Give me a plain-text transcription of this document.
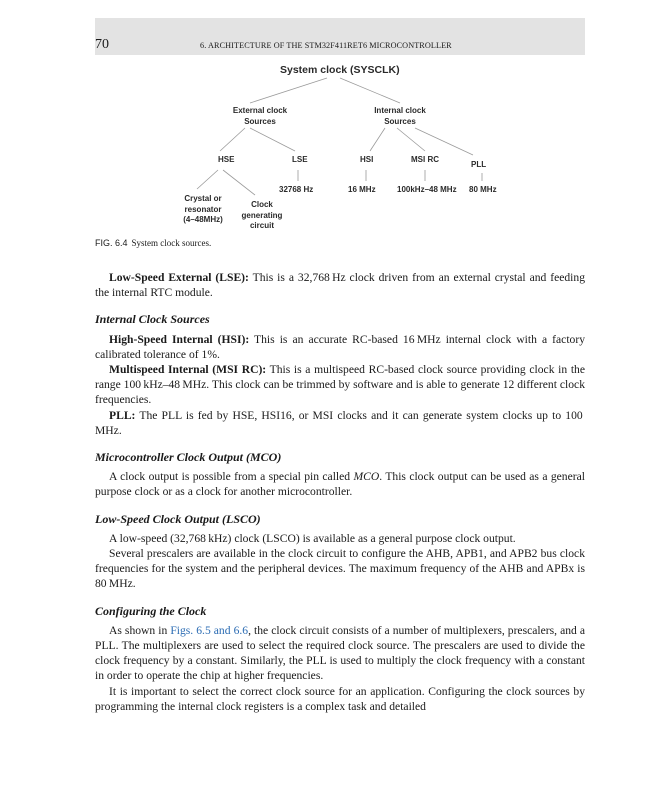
70	6. ARCHITECTURE OF THE STM32F411RET6 MICROCONTROLLER
System clock (SYSCLK)
External clock
Sources
Internal clock
Sources
HSE	LSE	HSI	MSI RC
PLL
32768 Hz	16 MHz	100kHz–48 MHz 80 MHz
Crystal or
resonator
(4–48MHz)
Clock
generating
circuit
FIG. 6.4 System clock sources.

Low-Speed External (LSE): This is a 32,768 Hz clock driven from an external crystal and feeding the internal RTC module.

Internal Clock Sources

High-Speed Internal (HSI): This is an accurate RC-based 16 MHz internal clock with a factory calibrated tolerance of 1%.

Multispeed Internal (MSI RC): This is a multispeed RC-based clock source providing clock in the range 100 kHz–48 MHz. This clock can be trimmed by software and is able to generate 12 different clock frequencies.

PLL: The PLL is fed by HSE, HSI16, or MSI clocks and it can generate system clocks up to 100 MHz.

Microcontroller Clock Output (MCO)

A clock output is possible from a special pin called MCO. This clock output can be used as a general purpose clock or as a clock for another microcontroller.

Low-Speed Clock Output (LSCO)

A low-speed (32,768 kHz) clock (LSCO) is available as a general purpose clock output.

Several prescalers are available in the clock circuit to configure the AHB, APB1, and APB2 bus clock frequencies for the system and the peripheral devices. The maximum frequency of the AHB and APBx is 80 MHz.

Configuring the Clock

As shown in Figs. 6.5 and 6.6, the clock circuit consists of a number of multiplexers, prescalers, and a PLL. The multiplexers are used to select the required clock source. The prescalers are used to divide the clock frequency by a constant. Similarly, the PLL is used to multiply the clock frequency with a constant in order to operate the chip at higher frequencies.

It is important to select the correct clock source for an application. Configuring the clock sources by programming the internal clock registers is a complex task and detailed
